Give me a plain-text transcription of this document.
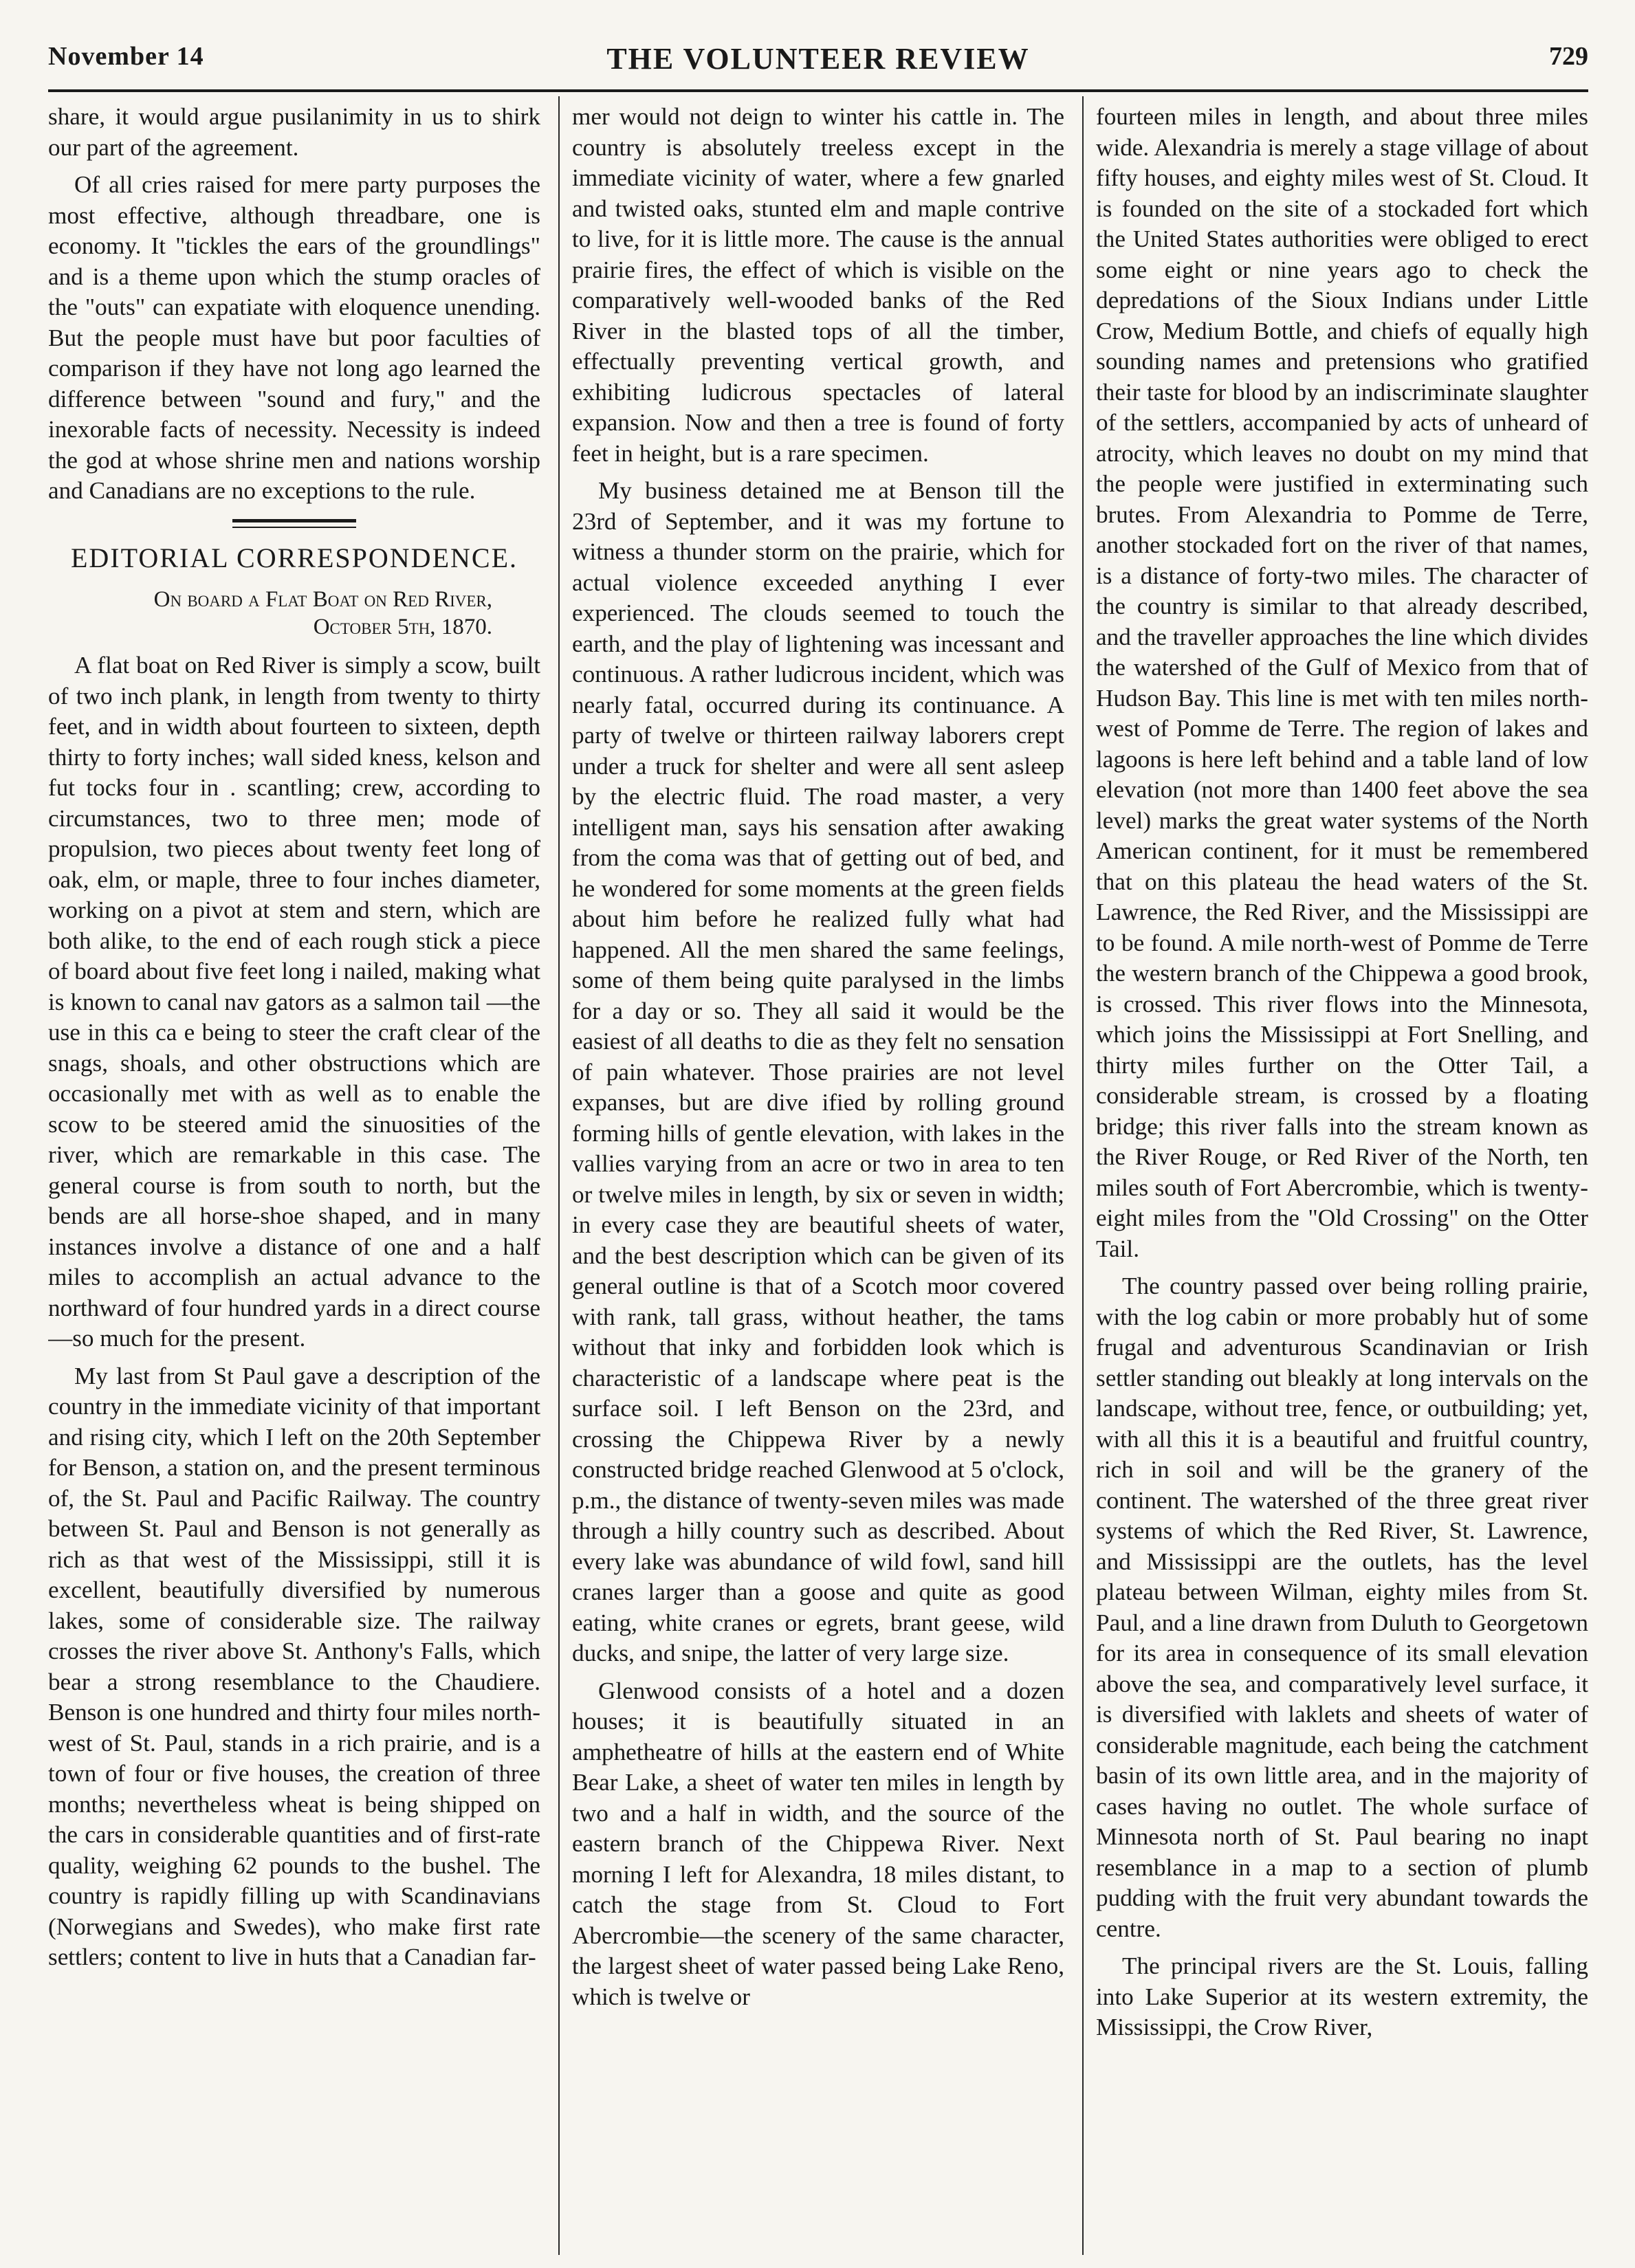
November 14	THE VOLUNTEER REVIEW	729

share, it would argue pusilanimity in us to shirk our part of the agreement.

Of all cries raised for mere party purposes the most effective, although threadbare, one is economy. It "tickles the ears of the groundlings" and is a theme upon which the stump oracles of the "outs" can expatiate with eloquence unending. But the people must have but poor faculties of comparison if they have not long ago learned the difference between "sound and fury," and the inexorable facts of necessity. Necessity is indeed the god at whose shrine men and nations worship and Canadians are no exceptions to the rule.

EDITORIAL CORRESPONDENCE.
On board a Flat Boat on Red River,
October 5th, 1870.

A flat boat on Red River is simply a scow, built of two inch plank, in length from twenty to thirty feet, and in width about fourteen to sixteen, depth thirty to forty inches; wall sided kness, kelson and fut tocks four in . scantling; crew, according to circumstances, two to three men; mode of propulsion, two pieces about twenty feet long of oak, elm, or maple, three to four inches diameter, working on a pivot at stem and stern, which are both alike, to the end of each rough stick a piece of board about five feet long i nailed, making what is known to canal nav gators as a salmon tail —the use in this ca e being to steer the craft clear of the snags, shoals, and other obstructions which are occasionally met with as well as to enable the scow to be steered amid the sinuosities of the river, which are remarkable in this case. The general course is from south to north, but the bends are all horse-shoe shaped, and in many instances involve a distance of one and a half miles to accomplish an actual advance to the northward of four hundred yards in a direct course—so much for the present.

My last from St Paul gave a description of the country in the immediate vicinity of that important and rising city, which I left on the 20th September for Benson, a station on, and the present terminous of, the St. Paul and Pacific Railway. The country between St. Paul and Benson is not generally as rich as that west of the Mississippi, still it is excellent, beautifully diversified by numerous lakes, some of considerable size. The railway crosses the river above St. Anthony's Falls, which bear a strong resemblance to the Chaudiere. Benson is one hundred and thirty four miles north-west of St. Paul, stands in a rich prairie, and is a town of four or five houses, the creation of three months; nevertheless wheat is being shipped on the cars in considerable quantities and of first-rate quality, weighing 62 pounds to the bushel. The country is rapidly filling up with Scandinavians (Norwegians and Swedes), who make first rate settlers; content to live in huts that a Canadian far-

mer would not deign to winter his cattle in. The country is absolutely treeless except in the immediate vicinity of water, where a few gnarled and twisted oaks, stunted elm and maple contrive to live, for it is little more. The cause is the annual prairie fires, the effect of which is visible on the comparatively well-wooded banks of the Red River in the blasted tops of all the timber, effectually preventing vertical growth, and exhibiting ludicrous spectacles of lateral expansion. Now and then a tree is found of forty feet in height, but is a rare specimen.

My business detained me at Benson till the 23rd of September, and it was my fortune to witness a thunder storm on the prairie, which for actual violence exceeded anything I ever experienced. The clouds seemed to touch the earth, and the play of lightening was incessant and continuous. A rather ludicrous incident, which was nearly fatal, occurred during its continuance. A party of twelve or thirteen railway laborers crept under a truck for shelter and were all sent asleep by the electric fluid. The road master, a very intelligent man, says his sensation after awaking from the coma was that of getting out of bed, and he wondered for some moments at the green fields about him before he realized fully what had happened. All the men shared the same feelings, some of them being quite paralysed in the limbs for a day or so. They all said it would be the easiest of all deaths to die as they felt no sensation of pain whatever. Those prairies are not level expanses, but are dive ified by rolling ground forming hills of gentle elevation, with lakes in the vallies varying from an acre or two in area to ten or twelve miles in length, by six or seven in width; in every case they are beautiful sheets of water, and the best description which can be given of its general outline is that of a Scotch moor covered with rank, tall grass, without heather, the tams without that inky and forbidden look which is characteristic of a landscape where peat is the surface soil. I left Benson on the 23rd, and crossing the Chippewa River by a newly constructed bridge reached Glenwood at 5 o'clock, p.m., the distance of twenty-seven miles was made through a hilly country such as described. About every lake was abundance of wild fowl, sand hill cranes larger than a goose and quite as good eating, white cranes or egrets, brant geese, wild ducks, and snipe, the latter of very large size.

Glenwood consists of a hotel and a dozen houses; it is beautifully situated in an amphetheatre of hills at the eastern end of White Bear Lake, a sheet of water ten miles in length by two and a half in width, and the source of the eastern branch of the Chippewa River. Next morning I left for Alexandra, 18 miles distant, to catch the stage from St. Cloud to Fort Abercrombie—the scenery of the same character, the largest sheet of water passed being Lake Reno, which is twelve or

fourteen miles in length, and about three miles wide. Alexandria is merely a stage village of about fifty houses, and eighty miles west of St. Cloud. It is founded on the site of a stockaded fort which the United States authorities were obliged to erect some eight or nine years ago to check the depredations of the Sioux Indians under Little Crow, Medium Bottle, and chiefs of equally high sounding names and pretensions who gratified their taste for blood by an indiscriminate slaughter of the settlers, accompanied by acts of unheard of atrocity, which leaves no doubt on my mind that the people were justified in exterminating such brutes. From Alexandria to Pomme de Terre, another stockaded fort on the river of that names, is a distance of forty-two miles. The character of the country is similar to that already described, and the traveller approaches the line which divides the watershed of the Gulf of Mexico from that of Hudson Bay. This line is met with ten miles north-west of Pomme de Terre. The region of lakes and lagoons is here left behind and a table land of low elevation (not more than 1400 feet above the sea level) marks the great water systems of the North American continent, for it must be remembered that on this plateau the head waters of the St. Lawrence, the Red River, and the Mississippi are to be found. A mile north-west of Pomme de Terre the western branch of the Chippewa a good brook, is crossed. This river flows into the Minnesota, which joins the Mississippi at Fort Snelling, and thirty miles further on the Otter Tail, a considerable stream, is crossed by a floating bridge; this river falls into the stream known as the River Rouge, or Red River of the North, ten miles south of Fort Abercrombie, which is twenty-eight miles from the "Old Crossing" on the Otter Tail.

The country passed over being rolling prairie, with the log cabin or more probably hut of some frugal and adventurous Scandinavian or Irish settler standing out bleakly at long intervals on the landscape, without tree, fence, or outbuilding; yet, with all this it is a beautiful and fruitful country, rich in soil and will be the granery of the continent. The watershed of the three great river systems of which the Red River, St. Lawrence, and Mississippi are the outlets, has the level plateau between Wilman, eighty miles from St. Paul, and a line drawn from Duluth to Georgetown for its area in consequence of its small elevation above the sea, and comparatively level surface, it is diversified with laklets and sheets of water of considerable magnitude, each being the catchment basin of its own little area, and in the majority of cases having no outlet. The whole surface of Minnesota north of St. Paul bearing no inapt resemblance in a map to a section of plumb pudding with the fruit very abundant towards the centre.

The principal rivers are the St. Louis, falling into Lake Superior at its western extremity, the Mississippi, the Crow River,
